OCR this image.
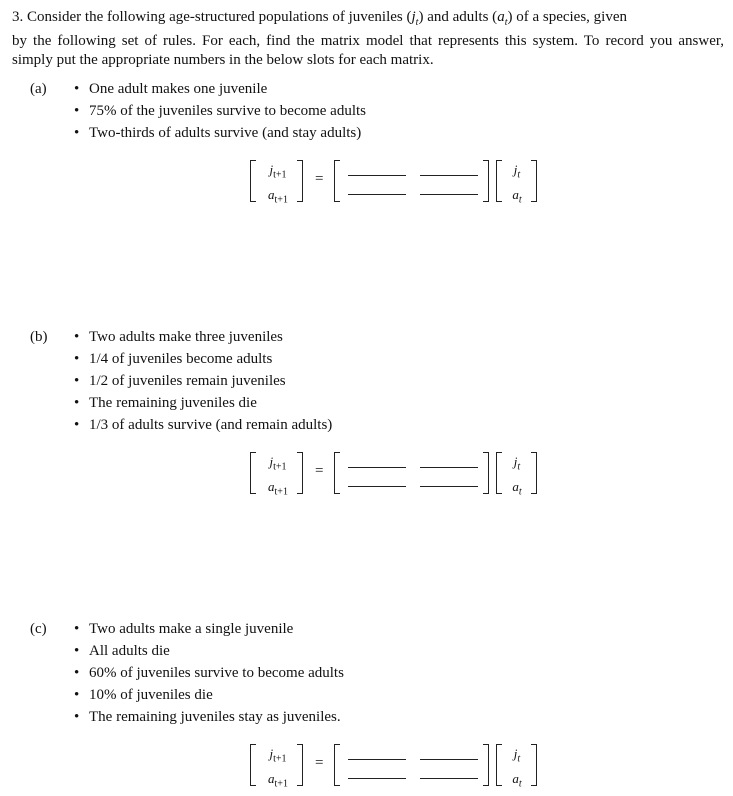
3. Consider the following age-structured populations of juveniles $(j_t)$ and adults $(a_t)$ of a species, given
by the following set of rules. For each, find the matrix model that represents this system. To record you answer, simply put the appropriate numbers in the below slots for each matrix.
(a)	• One adult makes one juvenile
• 75% of the juveniles survive to become adults
• Two-thirds of adults survive (and stay adults)
$j_{t+1}$
$a_{t+1}$
=
$j_t$
$a_t$
(b)	• Two adults make three juveniles
• 1/4 of juveniles become adults
• 1/2 of juveniles remain juveniles
• The remaining juveniles die
• 1/3 of adults survive (and remain adults)
$j_{t+1}$
$a_{t+1}$
=
$j_t$
$a_t$
(c)	• Two adults make a single juvenile
• All adults die
• 60% of juveniles survive to become adults
• 10% of juveniles die
• The remaining juveniles stay as juveniles.
$j_{t+1}$
$a_{t+1}$
=
$j_t$
$a_t$
